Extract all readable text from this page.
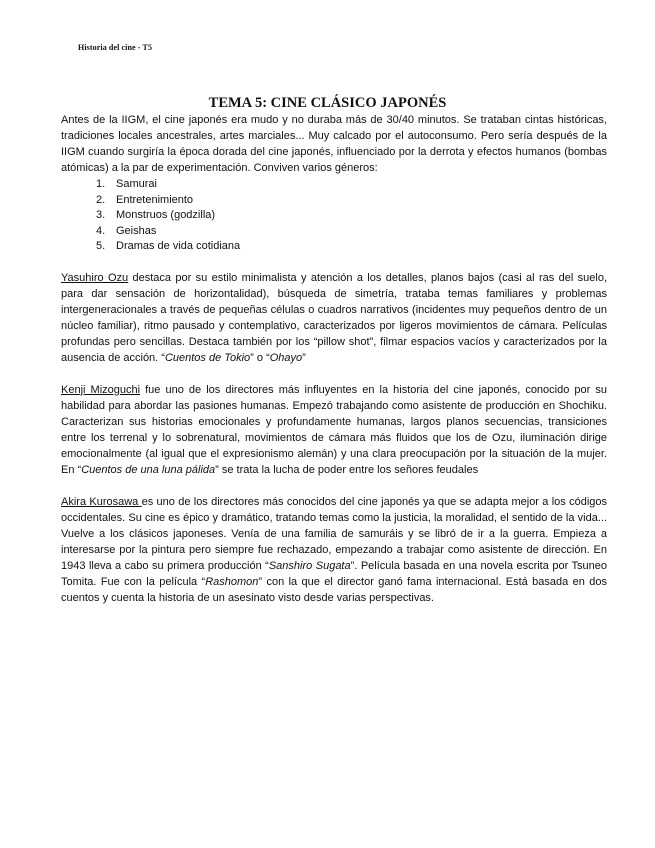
Historia del cine - T5
TEMA 5: CINE CLÁSICO JAPONÉS

Antes de la IIGM, el cine japonés era mudo y no duraba más de 30/40 minutos. Se trataban cintas históricas, tradiciones locales ancestrales, artes marciales... Muy calcado por el autoconsumo. Pero sería después de la IIGM cuando surgiría la época dorada del cine japonés, influenciado por la derrota y efectos humanos (bombas atómicas) a la par de experimentación. Conviven varios géneros:

1. Samurai
2. Entretenimiento
3. Monstruos (godzilla)
4. Geishas
5. Dramas de vida cotidiana

Yasuhiro Ozu destaca por su estilo minimalista y atención a los detalles, planos bajos (casi al ras del suelo, para dar sensación de horizontalidad), búsqueda de simetría, trataba temas familiares y problemas intergeneracionales a través de pequeñas células o cuadros narrativos (incidentes muy pequeños dentro de un núcleo familiar), ritmo pausado y contemplativo, caracterizados por ligeros movimientos de cámara. Películas profundas pero sencillas. Destaca también por los “pillow shot”, filmar espacios vacíos y caracterizados por la ausencia de acción. “Cuentos de Tokio” o “Ohayo”

Kenji Mizoguchi fue uno de los directores más influyentes en la historia del cine japonés, conocido por su habilidad para abordar las pasiones humanas. Empezó trabajando como asistente de producción en Shochiku. Caracterizan sus historias emocionales y profundamente humanas, largos planos secuencias, transiciones entre los terrenal y lo sobrenatural, movimientos de cámara más fluidos que los de Ozu, iluminación dirige emocionalmente (al igual que el expresionismo alemán) y una clara preocupación por la situación de la mujer. En “Cuentos de una luna pálida” se trata la lucha de poder entre los señores feudales

Akira Kurosawa es uno de los directores más conocidos del cine japonés ya que se adapta mejor a los códigos occidentales. Su cine es épico y dramático, tratando temas como la justicia, la moralidad, el sentido de la vida... Vuelve a los clásicos japoneses. Venía de una familia de samuráis y se libró de ir a la guerra. Empieza a interesarse por la pintura pero siempre fue rechazado, empezando a trabajar como asistente de dirección. En 1943 lleva a cabo su primera producción “Sanshiro Sugata”. Película basada en una novela escrita por Tsuneo Tomita. Fue con la película “Rashomon” con la que el director ganó fama internacional. Está basada en dos cuentos y cuenta la historia de un asesinato visto desde varias perspectivas.
